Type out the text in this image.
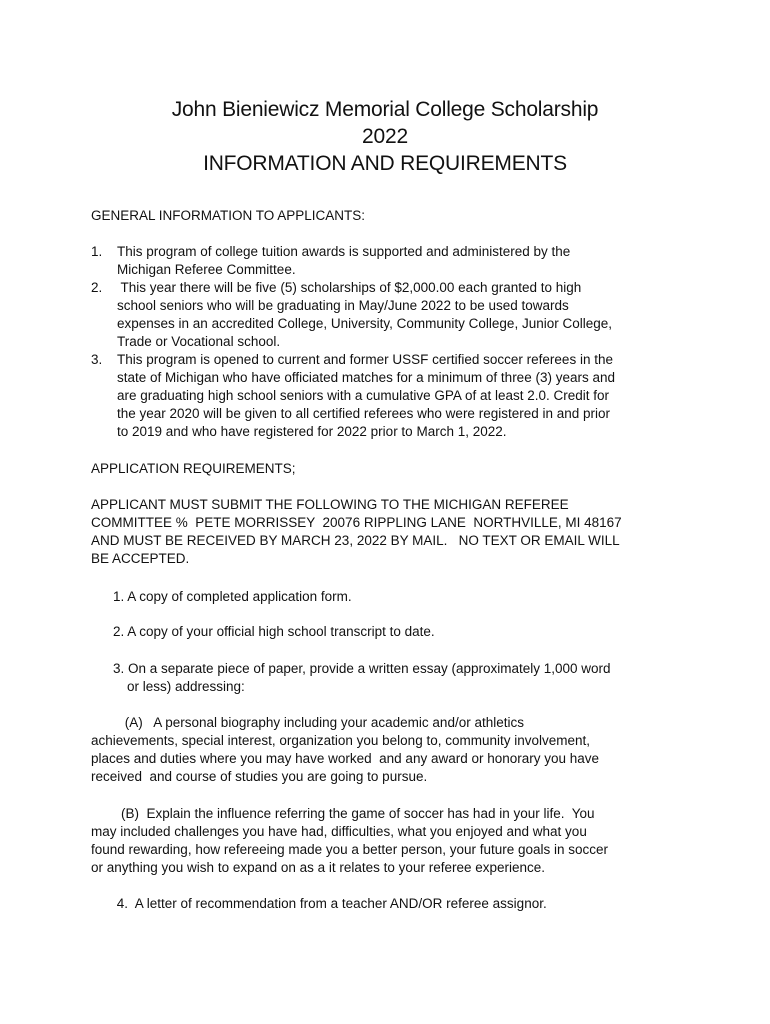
John Bieniewicz Memorial College Scholarship
2022
INFORMATION AND REQUIREMENTS
GENERAL INFORMATION TO APPLICANTS:
1. This program of college tuition awards is supported and administered by the
Michigan Referee Committee.
2. This year there will be five (5) scholarships of $2,000.00 each granted to high
school seniors who will be graduating in May/June 2022 to be used towards
expenses in an accredited College, University, Community College, Junior College,
Trade or Vocational school.
3. This program is opened to current and former USSF certified soccer referees in the
state of Michigan who have officiated matches for a minimum of three (3) years and
are graduating high school seniors with a cumulative GPA of at least 2.0. Credit for
the year 2020 will be given to all certified referees who were registered in and prior
to 2019 and who have registered for 2022 prior to March 1, 2022.
APPLICATION REQUIREMENTS;
APPLICANT MUST SUBMIT THE FOLLOWING TO THE MICHIGAN REFEREE
COMMITTEE %  PETE MORRISSEY  20076 RIPPLING LANE  NORTHVILLE, MI 48167
AND MUST BE RECEIVED BY MARCH 23, 2022 BY MAIL.   NO TEXT OR EMAIL WILL
BE ACCEPTED.
1. A copy of completed application form.
2. A copy of your official high school transcript to date.
3. On a separate piece of paper, provide a written essay (approximately 1,000 word
or less) addressing:
(A)   A personal biography including your academic and/or athletics
achievements, special interest, organization you belong to, community involvement,
places and duties where you may have worked  and any award or honorary you have
received  and course of studies you are going to pursue.
(B)  Explain the influence referring the game of soccer has had in your life.  You
may included challenges you have had, difficulties, what you enjoyed and what you
found rewarding, how refereeing made you a better person, your future goals in soccer
or anything you wish to expand on as a it relates to your referee experience.
4.  A letter of recommendation from a teacher AND/OR referee assignor.
